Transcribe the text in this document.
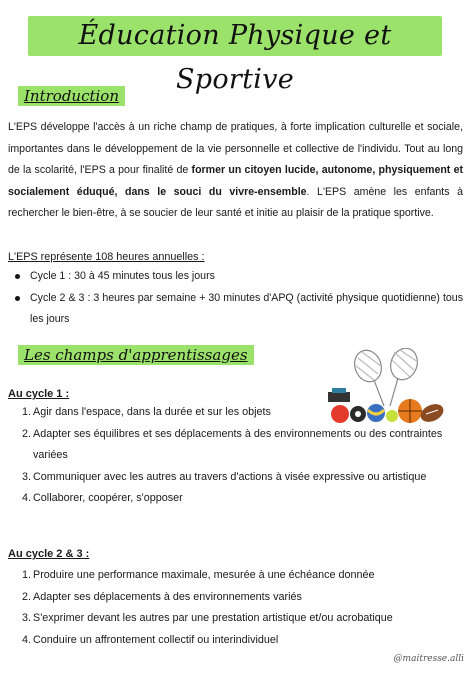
Éducation Physique et Sportive
Introduction
L'EPS développe l'accès à un riche champ de pratiques, à forte implication culturelle et sociale, importantes dans le développement de la vie personnelle et collective de l'individu. Tout au long de la scolarité, l'EPS a pour finalité de former un citoyen lucide, autonome, physiquement et socialement éduqué, dans le souci du vivre-ensemble. L'EPS amène les enfants à rechercher le bien-être, à se soucier de leur santé et initie au plaisir de la pratique sportive.
L'EPS représente 108 heures annuelles :
Cycle 1 : 30 à 45 minutes tous les jours
Cycle 2 & 3 : 3 heures par semaine + 30 minutes d'APQ (activité physique quotidienne) tous les jours
Les champs d'apprentissages
Au cycle 1 :
1. Agir dans l'espace, dans la durée et sur les objets
2. Adapter ses équilibres et ses déplacements à des environnements ou des contraintes variées
3. Communiquer avec les autres au travers d'actions à visée expressive ou artistique
4. Collaborer, coopérer, s'opposer
Au cycle 2 & 3 :
1. Produire une performance maximale, mesurée à une échéance donnée
2. Adapter ses déplacements à des environnements variés
3. S'exprimer devant les autres par une prestation artistique et/ou acrobatique
4. Conduire un affrontement collectif ou interindividuel
@maitresse.alli
